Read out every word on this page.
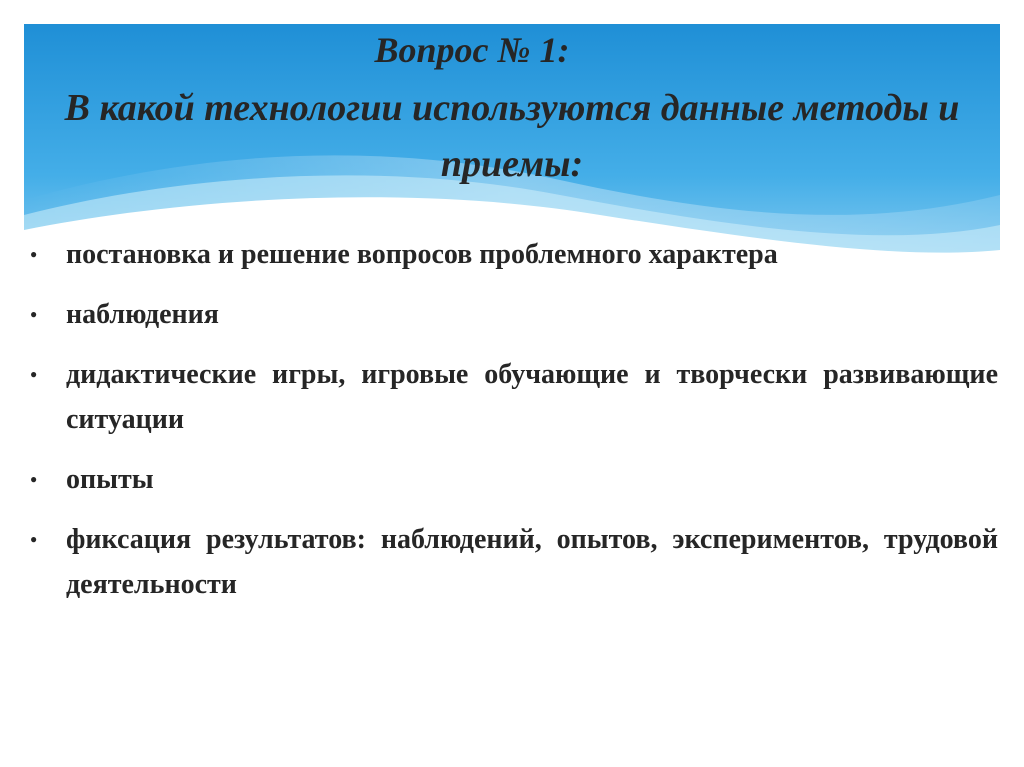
Вопрос № 1:
В какой технологии используются данные методы и приемы:
● постановка и решение вопросов проблемного характера
● наблюдения
● дидактические игры, игровые обучающие и творчески развивающие ситуации
● опыты
● фиксация результатов: наблюдений, опытов, экспериментов, трудовой деятельности
